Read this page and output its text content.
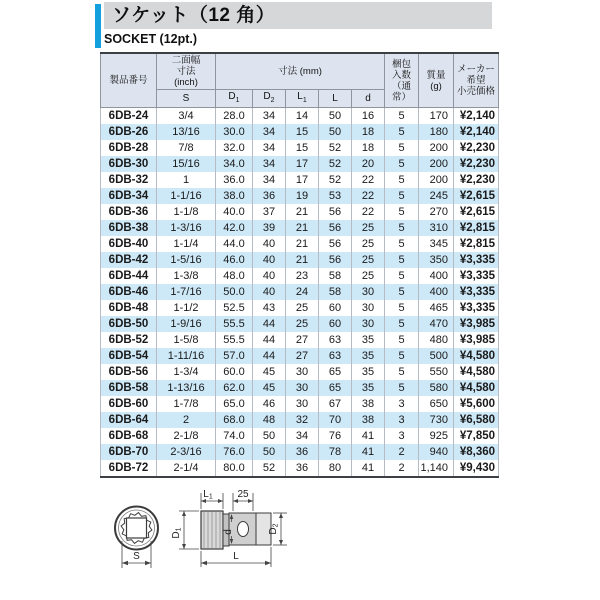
ソケット（12 角）
SOCKET (12pt.)
製品番号	
二面幅
寸法
(inch)
	寸法 (mm)	
梱包
入数
（通常）

質量
(g)

メーカー希望
小売価格

	S	$D_1$	$D_2$	$L_1$	L	d			
6DB-24	3/4	28.0	34	14	50	16	5	170	¥2,140
6DB-26	13/16	30.0	34	15	50	18	5	180	¥2,140
6DB-28	7/8	32.0	34	15	52	18	5	200	¥2,230
6DB-30	15/16	34.0	34	17	52	20	5	200	¥2,230
6DB-32	1	36.0	34	17	52	22	5	200	¥2,230
6DB-34	1-1/16	38.0	36	19	53	22	5	245	¥2,615
6DB-36	1-1/8	40.0	37	21	56	22	5	270	¥2,615
6DB-38	1-3/16	42.0	39	21	56	25	5	310	¥2,815
6DB-40	1-1/4	44.0	40	21	56	25	5	345	¥2,815
6DB-42	1-5/16	46.0	40	21	56	25	5	350	¥3,335
6DB-44	1-3/8	48.0	40	23	58	25	5	400	¥3,335
6DB-46	1-7/16	50.0	40	24	58	30	5	400	¥3,335
6DB-48	1-1/2	52.5	43	25	60	30	5	465	¥3,335
6DB-50	1-9/16	55.5	44	25	60	30	5	470	¥3,985
6DB-52	1-5/8	55.5	44	27	63	35	5	480	¥3,985
6DB-54	1-11/16	57.0	44	27	63	35	5	500	¥4,580
6DB-56	1-3/4	60.0	45	30	65	35	5	550	¥4,580
6DB-58	1-13/16	62.0	45	30	65	35	5	580	¥4,580
6DB-60	1-7/8	65.0	46	30	67	38	3	650	¥5,600
6DB-64	2	68.0	48	32	70	38	3	730	¥6,580
6DB-68	2-1/8	74.0	50	34	76	41	3	925	¥7,850
6DB-70	2-3/16	76.0	50	36	78	41	2	940	¥8,360
6DB-72	2-1/4	80.0	52	36	80	41	2	1,140	¥9,430
S
L1 25
D1	d	D2
L
